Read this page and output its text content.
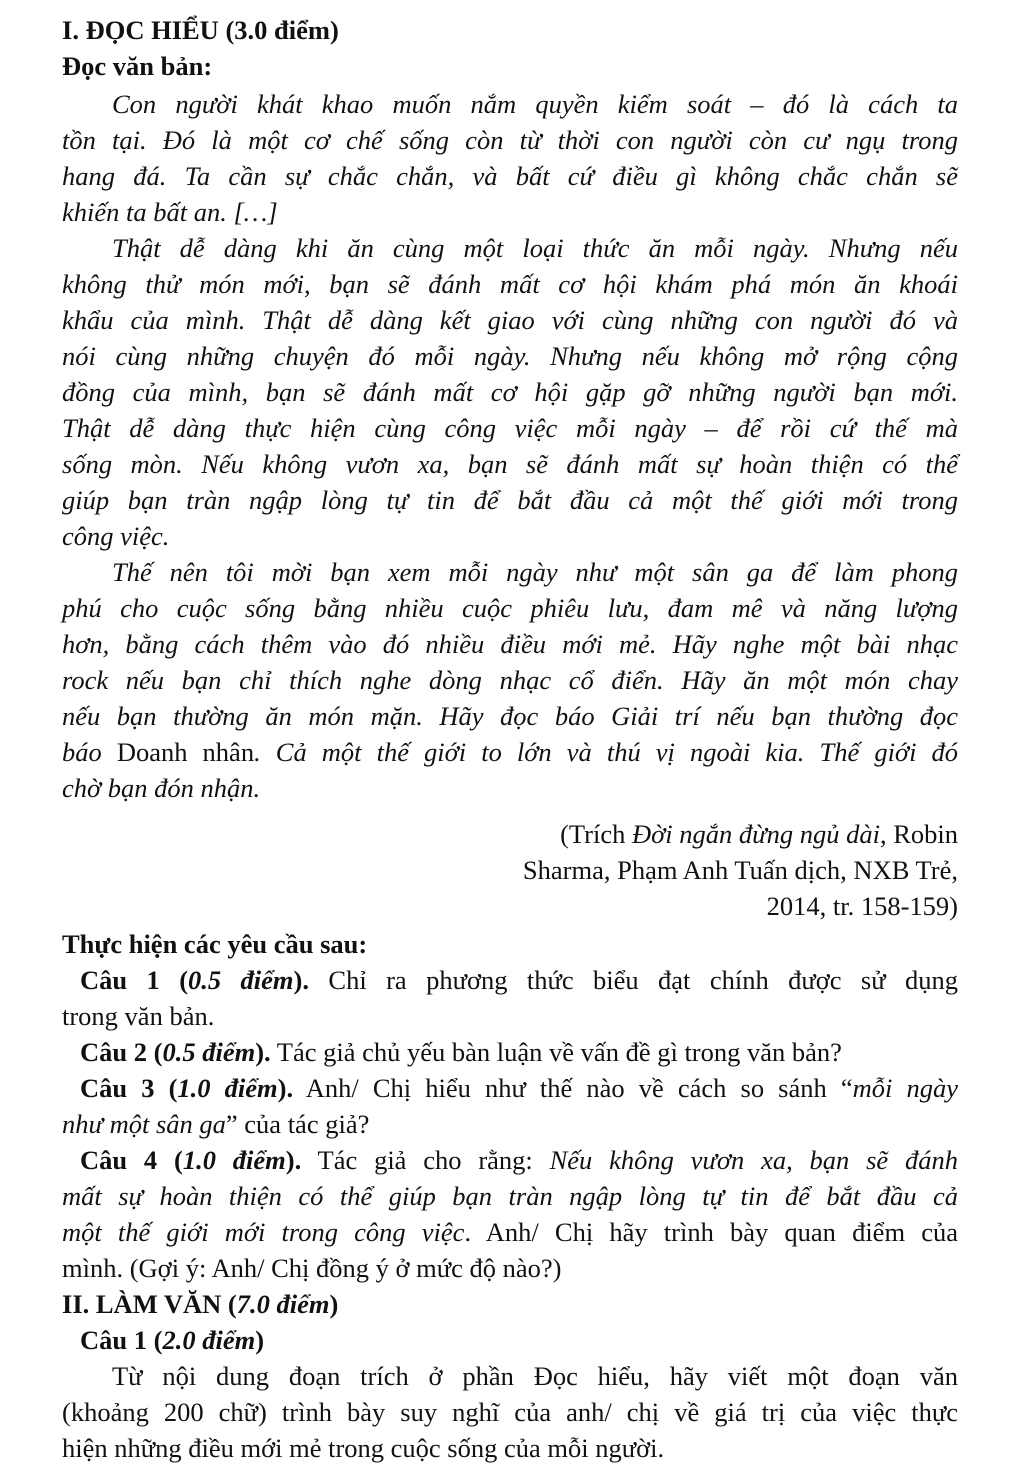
I. ĐỌC HIỂU (3.0 điểm)
Đọc văn bản:
Con người khát khao muốn nắm quyền kiểm soát – đó là cách ta
tồn tại. Đó là một cơ chế sống còn từ thời con người còn cư ngụ trong
hang đá. Ta cần sự chắc chắn, và bất cứ điều gì không chắc chắn sẽ
khiến ta bất an. […]
Thật dễ dàng khi ăn cùng một loại thức ăn mỗi ngày. Nhưng nếu
không thử món mới, bạn sẽ đánh mất cơ hội khám phá món ăn khoái
khẩu của mình. Thật dễ dàng kết giao với cùng những con người đó và
nói cùng những chuyện đó mỗi ngày. Nhưng nếu không mở rộng cộng
đồng của mình, bạn sẽ đánh mất cơ hội gặp gỡ những người bạn mới.
Thật dễ dàng thực hiện cùng công việc mỗi ngày – để rồi cứ thế mà
sống mòn. Nếu không vươn xa, bạn sẽ đánh mất sự hoàn thiện có thể
giúp bạn tràn ngập lòng tự tin để bắt đầu cả một thế giới mới trong
công việc.
Thế nên tôi mời bạn xem mỗi ngày như một sân ga để làm phong
phú cho cuộc sống bằng nhiều cuộc phiêu lưu, đam mê và năng lượng
hơn, bằng cách thêm vào đó nhiều điều mới mẻ. Hãy nghe một bài nhạc
rock nếu bạn chỉ thích nghe dòng nhạc cổ điển. Hãy ăn một món chay
nếu bạn thường ăn món mặn. Hãy đọc báo Giải trí nếu bạn thường đọc
báo Doanh nhân. Cả một thế giới to lớn và thú vị ngoài kia. Thế giới đó
chờ bạn đón nhận.
(Trích Đời ngắn đừng ngủ dài, Robin
Sharma, Phạm Anh Tuấn dịch, NXB Trẻ,
2014, tr. 158-159)
Thực hiện các yêu cầu sau:
Câu 1 (0.5 điểm). Chỉ ra phương thức biểu đạt chính được sử dụng
trong văn bản.
Câu 2 (0.5 điểm). Tác giả chủ yếu bàn luận về vấn đề gì trong văn bản?
Câu 3 (1.0 điểm). Anh/ Chị hiểu như thế nào về cách so sánh “mỗi ngày
như một sân ga” của tác giả?
Câu 4 (1.0 điểm). Tác giả cho rằng: Nếu không vươn xa, bạn sẽ đánh
mất sự hoàn thiện có thể giúp bạn tràn ngập lòng tự tin để bắt đầu cả
một thế giới mới trong công việc. Anh/ Chị hãy trình bày quan điểm của
mình. (Gợi ý: Anh/ Chị đồng ý ở mức độ nào?)
II. LÀM VĂN (7.0 điểm)
Câu 1 (2.0 điểm)
Từ nội dung đoạn trích ở phần Đọc hiểu, hãy viết một đoạn văn
(khoảng 200 chữ) trình bày suy nghĩ của anh/ chị về giá trị của việc thực
hiện những điều mới mẻ trong cuộc sống của mỗi người.
